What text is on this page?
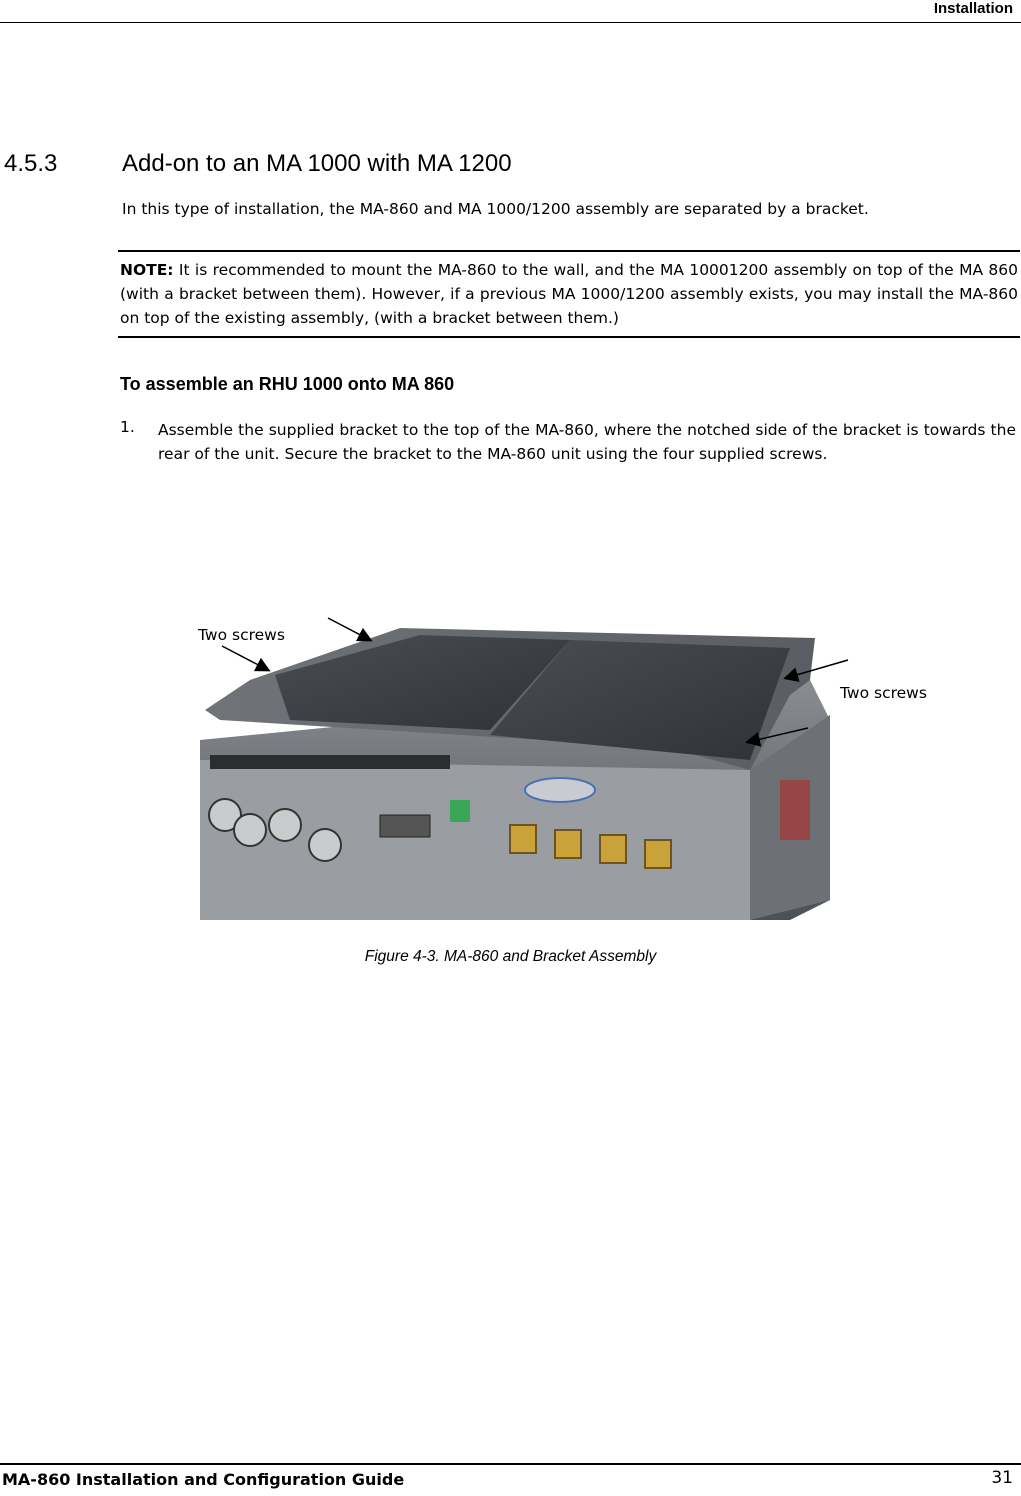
Installation
4.5.3	Add-on to an MA 1000 with MA 1200
In this type of installation, the MA-860 and MA 1000/1200 assembly are separated by a bracket.
NOTE: It is recommended to mount the MA-860 to the wall, and the MA 10001200 assembly on top of the MA 860 (with a bracket between them). However, if a previous MA 1000/1200 assembly exists, you may install the MA-860 on top of the existing assembly, (with a bracket between them.)
To assemble an RHU 1000 onto MA 860
1. Assemble the supplied bracket to the top of the MA-860, where the notched side of the bracket is towards the rear of the unit. Secure the bracket to the MA-860 unit using the four supplied screws.
Two screws
Two screws
Figure 4-3. MA-860 and Bracket Assembly
MA-860 Installation and Configuration Guide	31
